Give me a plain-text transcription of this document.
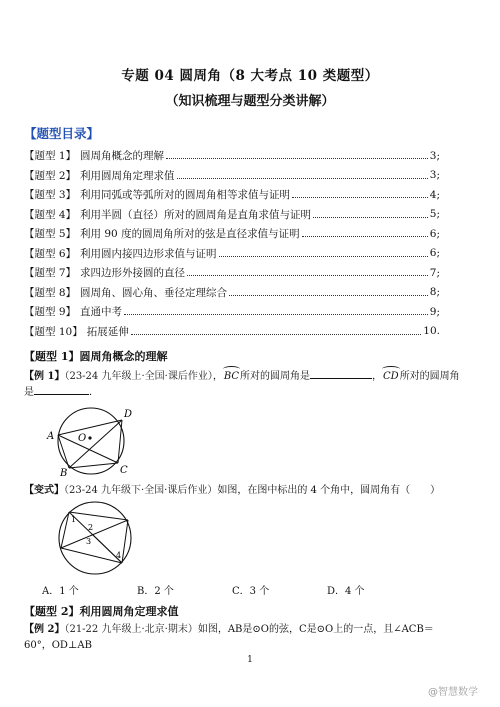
专题 04 圆周角（8 大考点 10 类题型）
（知识梳理与题型分类讲解）
【题型目录】
【题型 1】 圆周角概念的理解	3;
【题型 2】 利用圆周角定理求值	3;
【题型 3】 利用同弧或等弧所对的圆周角相等求值与证明	4;
【题型 4】 利用半圆（直径）所对的圆周角是直角求值与证明	5;
【题型 5】 利用 90 度的圆周角所对的弦是直径求值与证明	6;
【题型 6】 利用圆内接四边形求值与证明	6;
【题型 7】 求四边形外接圆的直径	7;
【题型 8】 圆周角、圆心角、垂径定理综合	8;
【题型 9】 直通中考	9;
【题型 10】 拓展延伸	10.
【题型 1】圆周角概念的理解
【例 1】（23-24 九年级上·全国·课后作业），BC所对的圆周角是	，CD所对的圆周角
是	．
O
A
B	C
D
【变式】（23-24 九年级下·全国·课后作业）如图，在图中标出的 4 个角中，圆周角有（　　）
1
2
3
4
A．1 个	B．2 个	C．3 个	D．4 个
【题型 2】利用圆周角定理求值
【例 2】（21-22 九年级上·北京·期末）如图，AB是⊙O的弦，C是⊙O上的一点，且∠ACB＝60°，OD⊥AB
1
@智慧数学
